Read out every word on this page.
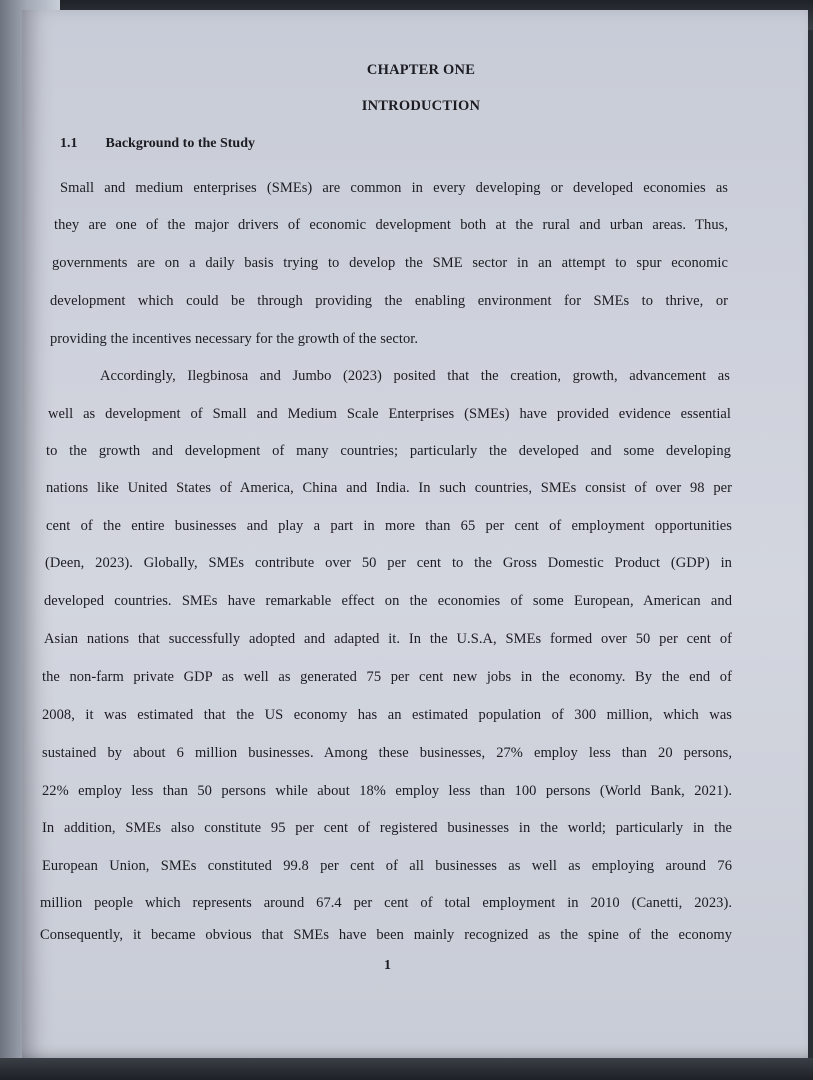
CHAPTER ONE
INTRODUCTION
1.1 Background to the Study
Small and medium enterprises (SMEs) are common in every developing or developed economies as
they are one of the major drivers of economic development both at the rural and urban areas. Thus,
governments are on a daily basis trying to develop the SME sector in an attempt to spur economic
development which could be through providing the enabling environment for SMEs to thrive, or
providing the incentives necessary for the growth of the sector.
Accordingly, Ilegbinosa and Jumbo (2023) posited that the creation, growth, advancement as
well as development of Small and Medium Scale Enterprises (SMEs) have provided evidence essential
to the growth and development of many countries; particularly the developed and some developing
nations like United States of America, China and India. In such countries, SMEs consist of over 98 per
cent of the entire businesses and play a part in more than 65 per cent of employment opportunities
(Deen, 2023). Globally, SMEs contribute over 50 per cent to the Gross Domestic Product (GDP) in
developed countries. SMEs have remarkable effect on the economies of some European, American and
Asian nations that successfully adopted and adapted it. In the U.S.A, SMEs formed over 50 per cent of
the non-farm private GDP as well as generated 75 per cent new jobs in the economy. By the end of
2008, it was estimated that the US economy has an estimated population of 300 million, which was
sustained by about 6 million businesses. Among these businesses, 27% employ less than 20 persons,
22% employ less than 50 persons while about 18% employ less than 100 persons (World Bank, 2021).
In addition, SMEs also constitute 95 per cent of registered businesses in the world; particularly in the
European Union, SMEs constituted 99.8 per cent of all businesses as well as employing around 76
million people which represents around 67.4 per cent of total employment in 2010 (Canetti, 2023).
Consequently, it became obvious that SMEs have been mainly recognized as the spine of the economy
1
